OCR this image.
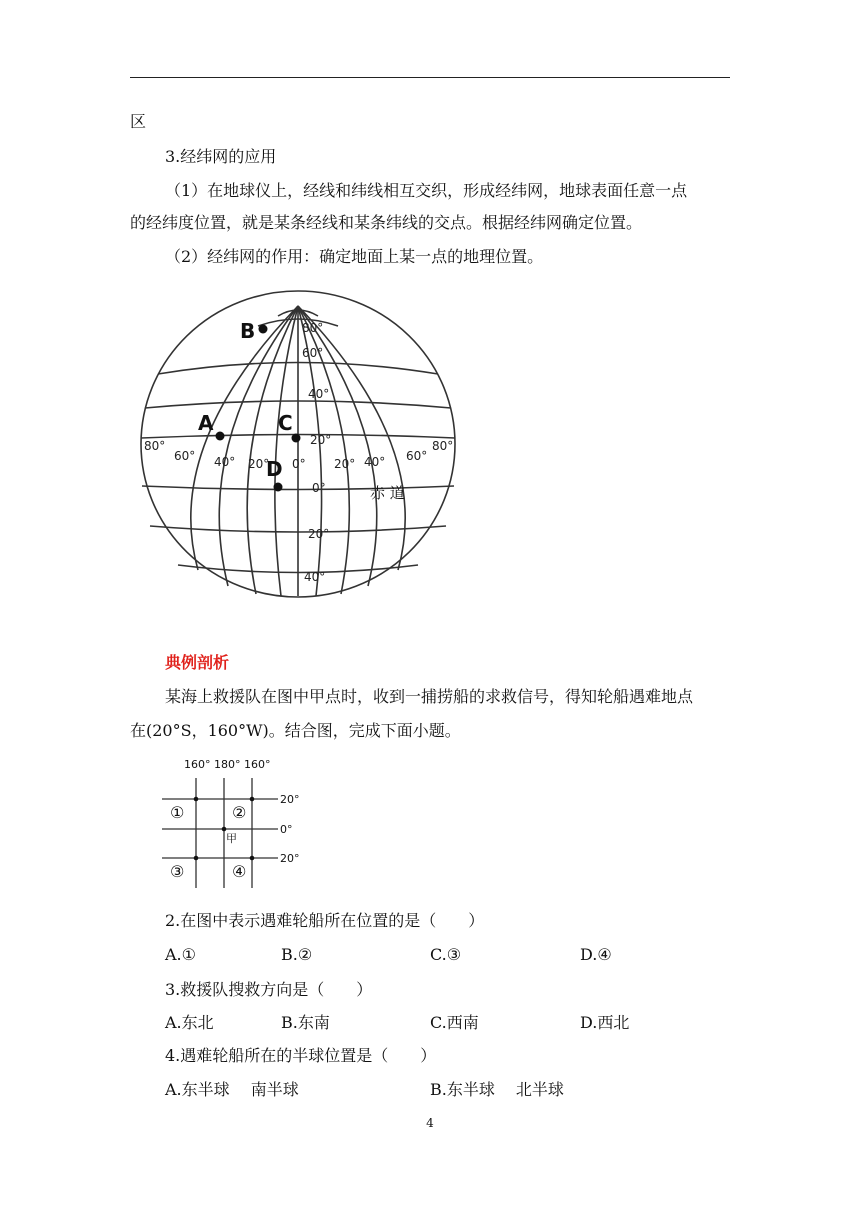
区
3.经纬网的应用
（1）在地球仪上，经线和纬线相互交织，形成经纬网，地球表面任意一点
的经纬度位置，就是某条经线和某条纬线的交点。根据经纬网确定位置。
（2）经纬网的作用：确定地面上某一点的地理位置。
B
A	C
D
80°
60°
40°
20°
0°
20°
40°
80°
60° 40° 20° 0° 20° 40° 60°
80°
赤 道
典例剖析
某海上救援队在图中甲点时，收到一捕捞船的求救信号，得知轮船遇难地点
在(20°S，160°W)。结合图，完成下面小题。
160° 180° 160°
①	②
③	④
甲
20°
0°
20°
2.在图中表示遇难轮船所在位置的是（　　）
A.①	B.②	C.③	D.④
3.救援队搜救方向是（　　）
A.东北	B.东南	C.西南	D.西北
4.遇难轮船所在的半球位置是（　　）
A.东半球　 南半球	B.东半球　 北半球
4
